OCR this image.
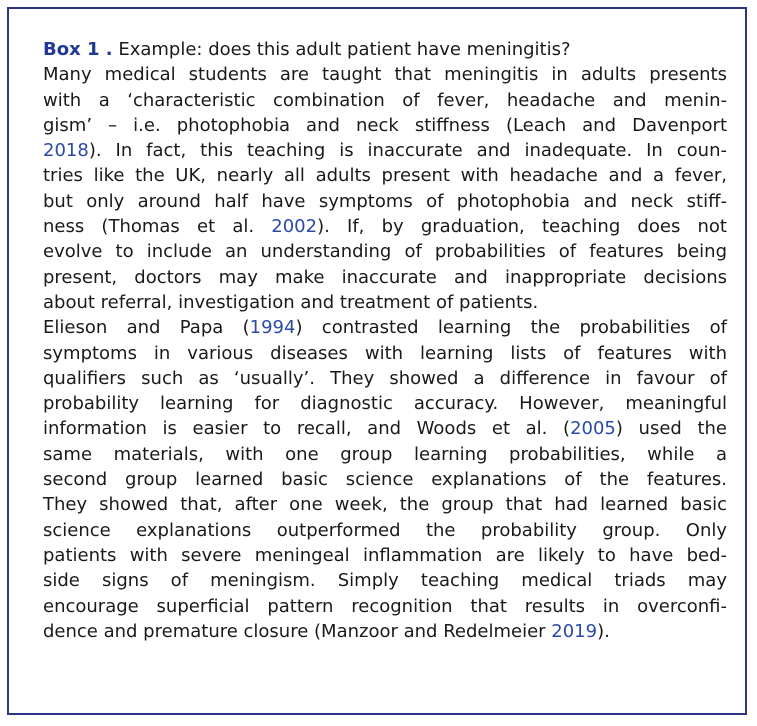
Box 1 . Example: does this adult patient have meningitis?
Many medical students are taught that meningitis in adults presents
with a ‘characteristic combination of fever, headache and menin-
gism’ – i.e. photophobia and neck stiffness (Leach and Davenport
2018). In fact, this teaching is inaccurate and inadequate. In coun-
tries like the UK, nearly all adults present with headache and a fever,
but only around half have symptoms of photophobia and neck stiff-
ness (Thomas et al. 2002). If, by graduation, teaching does not
evolve to include an understanding of probabilities of features being
present, doctors may make inaccurate and inappropriate decisions
about referral, investigation and treatment of patients.
Elieson and Papa (1994) contrasted learning the probabilities of
symptoms in various diseases with learning lists of features with
qualifiers such as ‘usually’. They showed a difference in favour of
probability learning for diagnostic accuracy. However, meaningful
information is easier to recall, and Woods et al. (2005) used the
same materials, with one group learning probabilities, while a
second group learned basic science explanations of the features.
They showed that, after one week, the group that had learned basic
science explanations outperformed the probability group. Only
patients with severe meningeal inflammation are likely to have bed-
side signs of meningism. Simply teaching medical triads may
encourage superficial pattern recognition that results in overconfi-
dence and premature closure (Manzoor and Redelmeier 2019).
